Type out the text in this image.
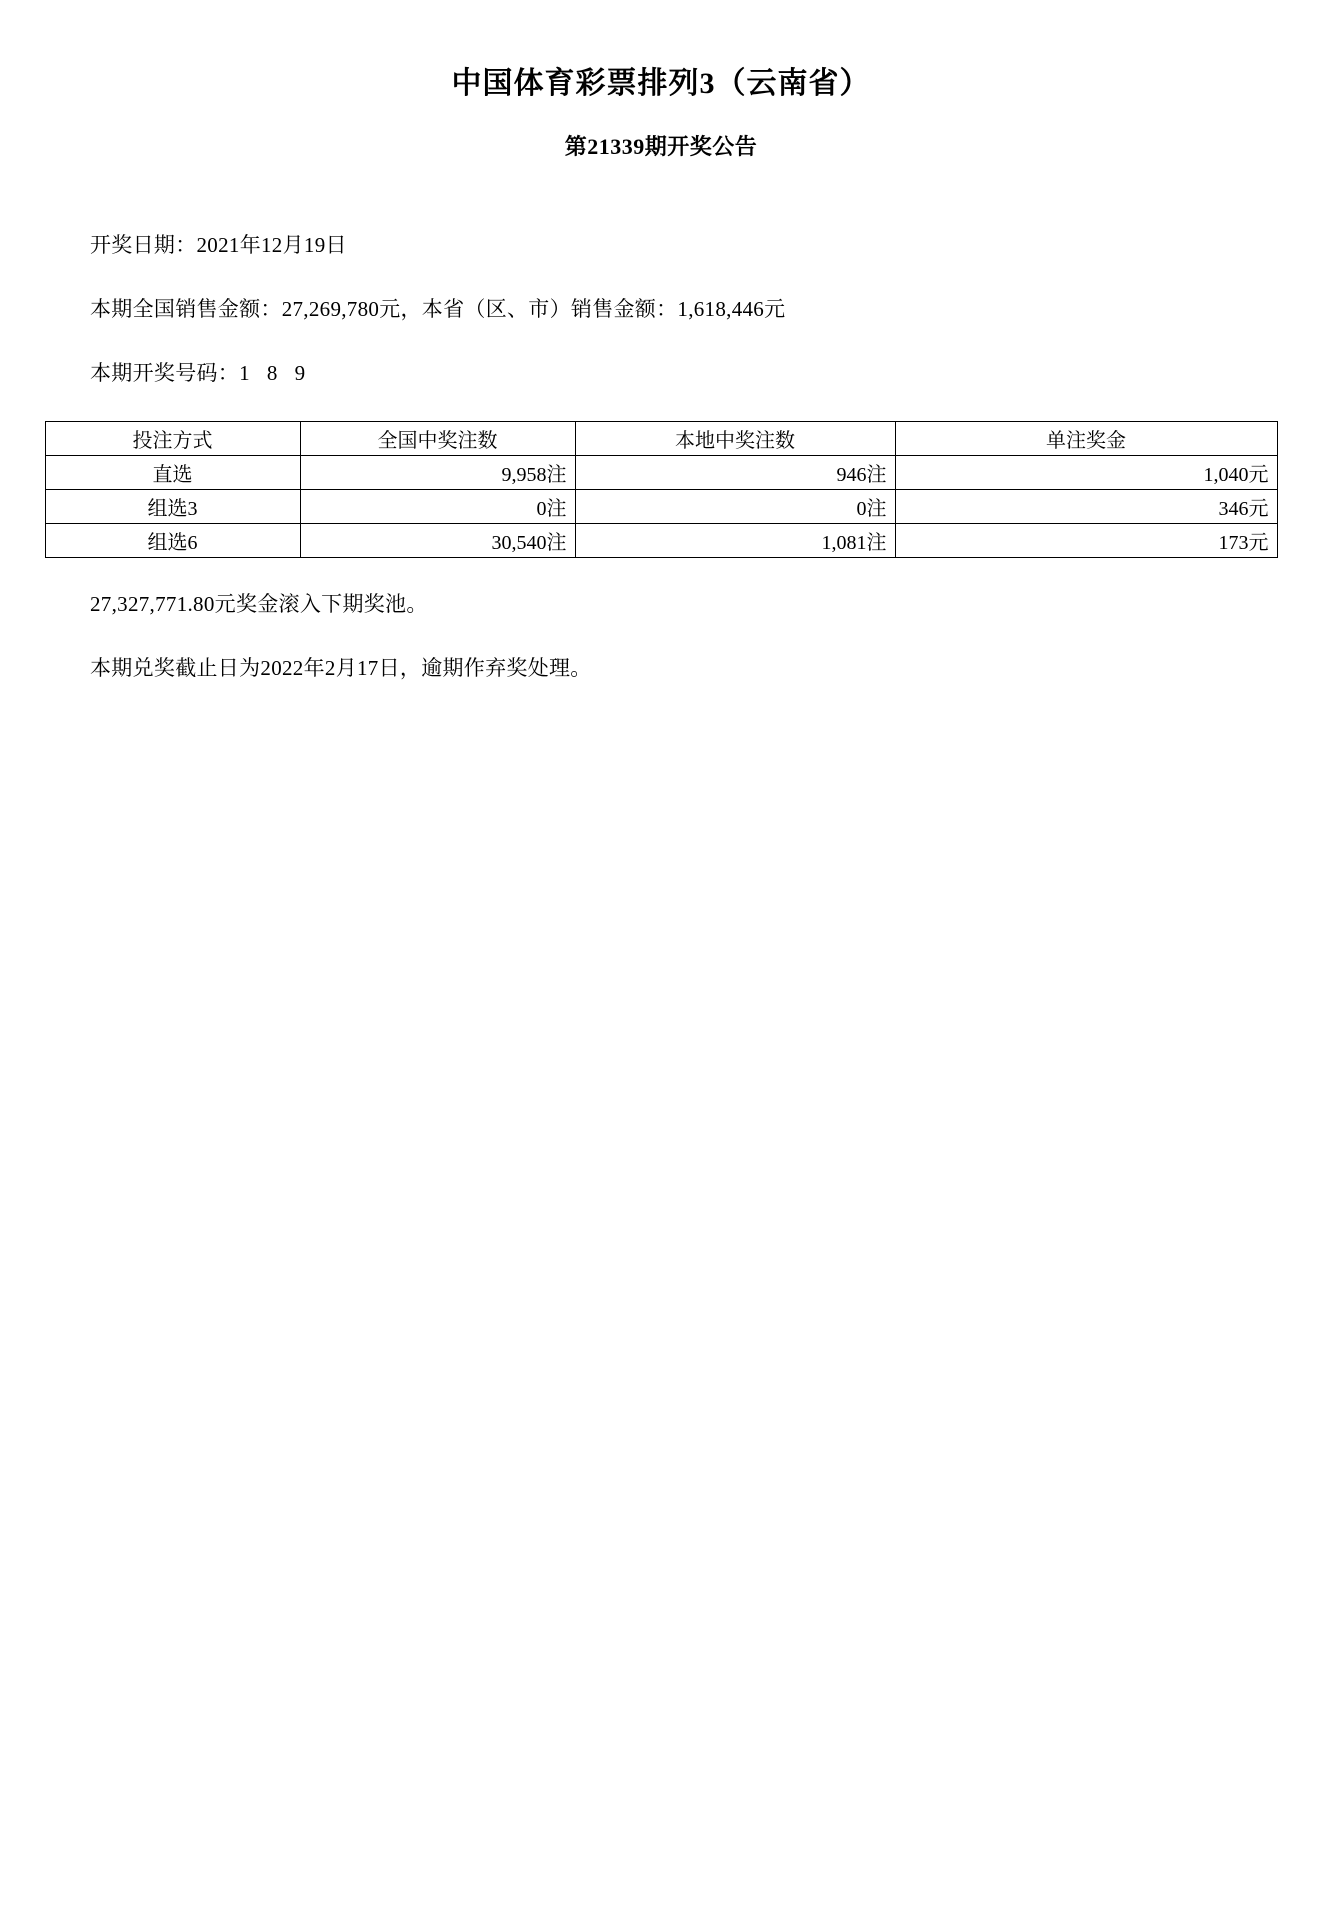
中国体育彩票排列3（云南省）
第21339期开奖公告
开奖日期：2021年12月19日
本期全国销售金额：27,269,780元，本省（区、市）销售金额：1,618,446元
本期开奖号码：1 8 9
投注方式	全国中奖注数	本地中奖注数	单注奖金
直选	9,958注	946注	1,040元
组选3	0注	0注	346元
组选6	30,540注	1,081注	173元
27,327,771.80元奖金滚入下期奖池。
本期兑奖截止日为2022年2月17日，逾期作弃奖处理。
